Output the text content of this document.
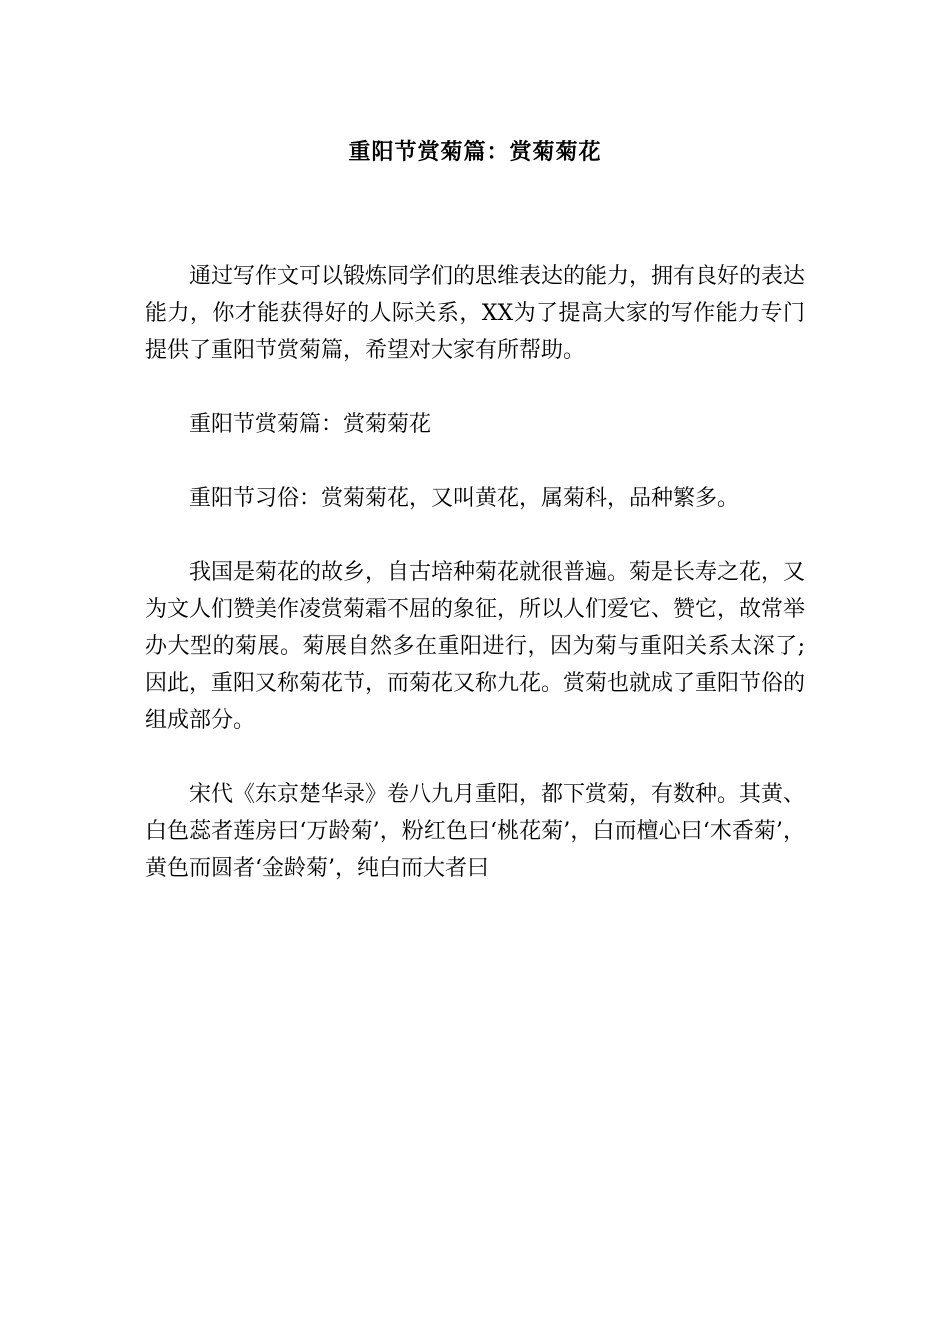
重阳节赏菊篇：赏菊菊花

通过写作文可以锻炼同学们的思维表达的能力，拥有良好的表达能力，你才能获得好的人际关系，XX为了提高大家的写作能力专门提供了重阳节赏菊篇，希望对大家有所帮助。

重阳节赏菊篇：赏菊菊花

重阳节习俗：赏菊菊花，又叫黄花，属菊科，品种繁多。

我国是菊花的故乡，自古培种菊花就很普遍。菊是长寿之花，又为文人们赞美作凌赏菊霜不屈的象征，所以人们爱它、赞它，故常举办大型的菊展。菊展自然多在重阳进行，因为菊与重阳关系太深了;因此，重阳又称菊花节，而菊花又称九花。赏菊也就成了重阳节俗的组成部分。

宋代《东京楚华录》卷八九月重阳，都下赏菊，有数种。其黄、白色蕊者莲房曰‘万龄菊’，粉红色曰‘桃花菊’，白而檀心曰‘木香菊’，黄色而圆者‘金龄菊’，纯白而大者曰
